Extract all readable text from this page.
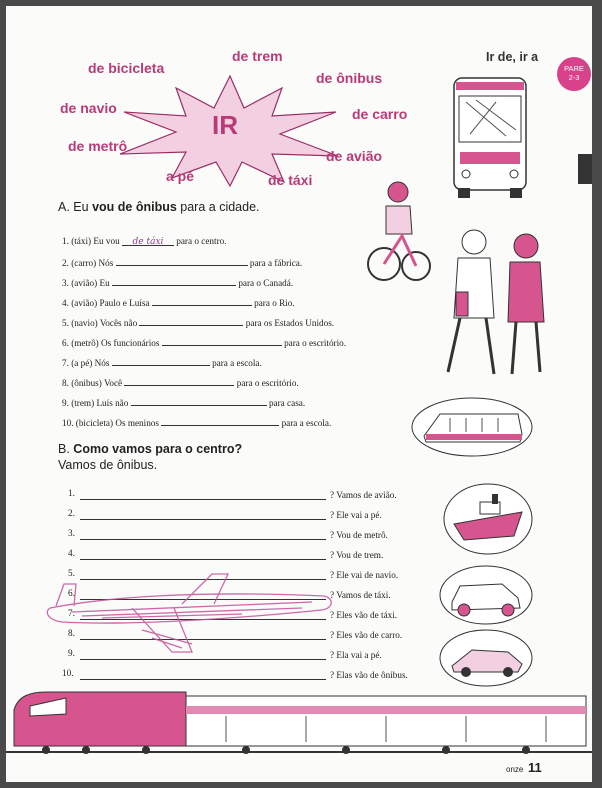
IR
de bicicleta
de trem
de ônibus
de navio	de carro
de metrô
de avião
a pé	de táxi
Ir de, ir a
PARE
2-3
A. Eu vou de ônibus para a cidade.
1. (táxi) Eu vou de táxi para o centro.
2. (carro) Nós	para a fábrica.
3. (avião) Eu	para o Canadá.
4. (avião) Paulo e Luísa	para o Rio.
5. (navio) Vocês não	para os Estados Unidos.
6. (metrô) Os funcionários	para o escritório.
7. (a pé) Nós	para a escola.
8. (ônibus) Você	para o escritório.
9. (trem) Luís não	para casa.
10. (bicicleta) Os meninos	para a escola.
B. Como vamos para o centro?
Vamos de ônibus.
1.	? Vamos de avião.
2.	? Ele vai a pé.
3.	? Vou de metrô.
4.	? Vou de trem.
5.	? Ele vai de navio.
6.	? Vamos de táxi.
7.	? Eles vão de táxi.
8.	? Eles vão de carro.
9.	? Ela vai a pé.
10.	? Elas vão de ônibus.
onze 11
